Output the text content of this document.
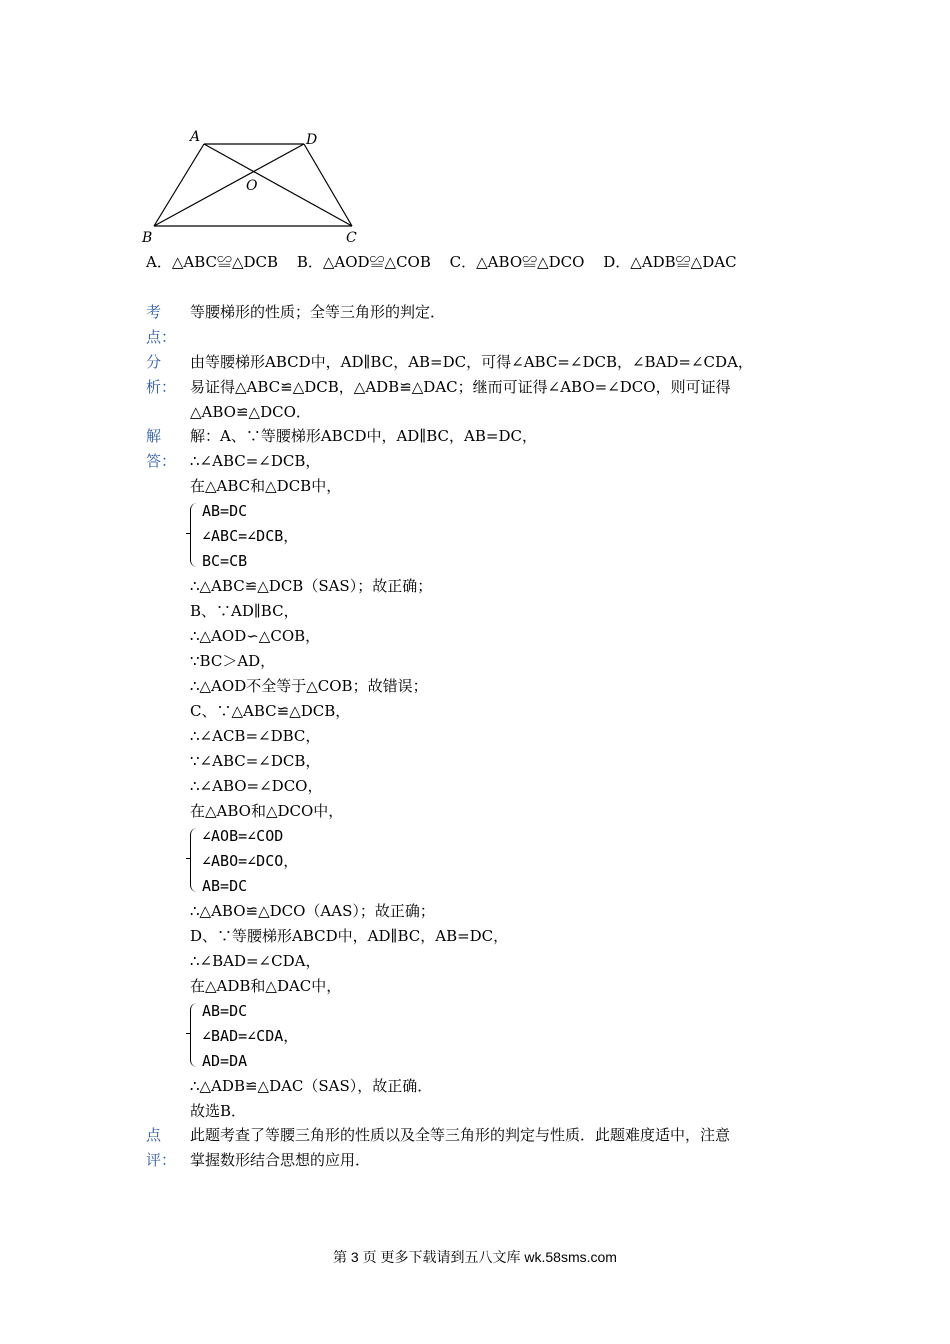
A	D
O
B	C
A．△ABC≌△DCB B．△AOD≌△COB C．△ABO≌△DCO D．△ADB≌△DAC
考
点：
等腰梯形的性质；全等三角形的判定．
分
析：
由等腰梯形ABCD中，AD∥BC，AB=DC，可得∠ABC=∠DCB，∠BAD=∠CDA，
易证得△ABC≌△DCB，△ADB≌△DAC；继而可证得∠ABO=∠DCO，则可证得
△ABO≌△DCO．
解
答：
解：A、∵等腰梯形ABCD中，AD∥BC，AB=DC，
∴∠ABC=∠DCB，
在△ABC和△DCB中，
AB=DC
∠ABC=∠DCB，
BC=CB
∴△ABC≌△DCB（SAS）；故正确；
B、∵AD∥BC，
∴△AOD∽△COB，
∵BC＞AD，
∴△AOD不全等于△COB；故错误；
C、∵△ABC≌△DCB，
∴∠ACB=∠DBC，
∵∠ABC=∠DCB，
∴∠ABO=∠DCO，
在△ABO和△DCO中，
∠AOB=∠COD
∠ABO=∠DCO，
AB=DC
∴△ABO≌△DCO（AAS）；故正确；
D、∵等腰梯形ABCD中，AD∥BC，AB=DC，
∴∠BAD=∠CDA，
在△ADB和△DAC中，
AB=DC
∠BAD=∠CDA，
AD=DA
∴△ADB≌△DAC（SAS），故正确．
故选B．
点
评：
此题考查了等腰三角形的性质以及全等三角形的判定与性质．此题难度适中，注意
掌握数形结合思想的应用．
第 3 页 更多下载请到五八文库 wk.58sms.com
